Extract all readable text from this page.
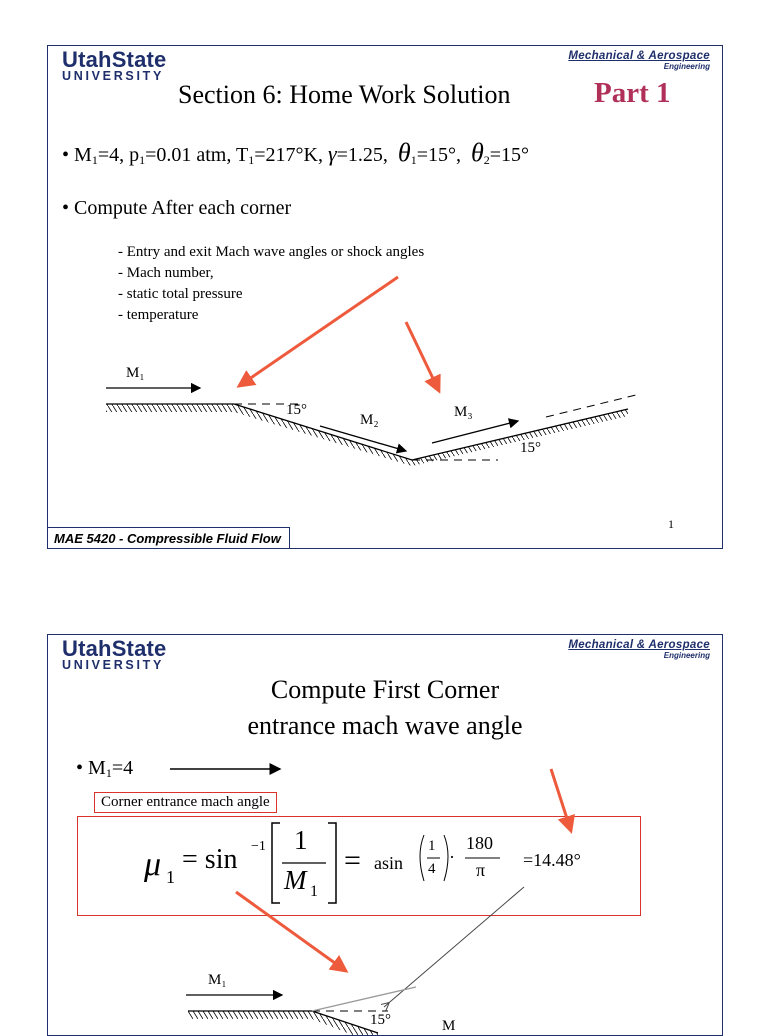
UtahState
UNIVERSITY
Mechanical & Aerospace
Engineering
Section 6: Home Work Solution	Part 1
• $M_1=4$, $p_1=0.01$ atm, $T_1=217^\circ K$, γ=1.25, $\theta_1=15^\circ$, $\theta_2=15^\circ$
• Compute After each corner
- Entry and exit Mach wave angles or shock angles
- Mach number,
- static total pressure
- temperature
M₁
15°
M₂	M₃
15°
MAE 5420 - Compressible Fluid Flow
1
UtahState
UNIVERSITY
Mechanical & Aerospace
Engineering
Compute First Corner
entrance mach wave angle
• $M_1=4$
Corner entrance mach angle
μ 1
= sin −1 1
M 1
= asin
1
4
·
180
π =14.48°
M₁
15°	M
